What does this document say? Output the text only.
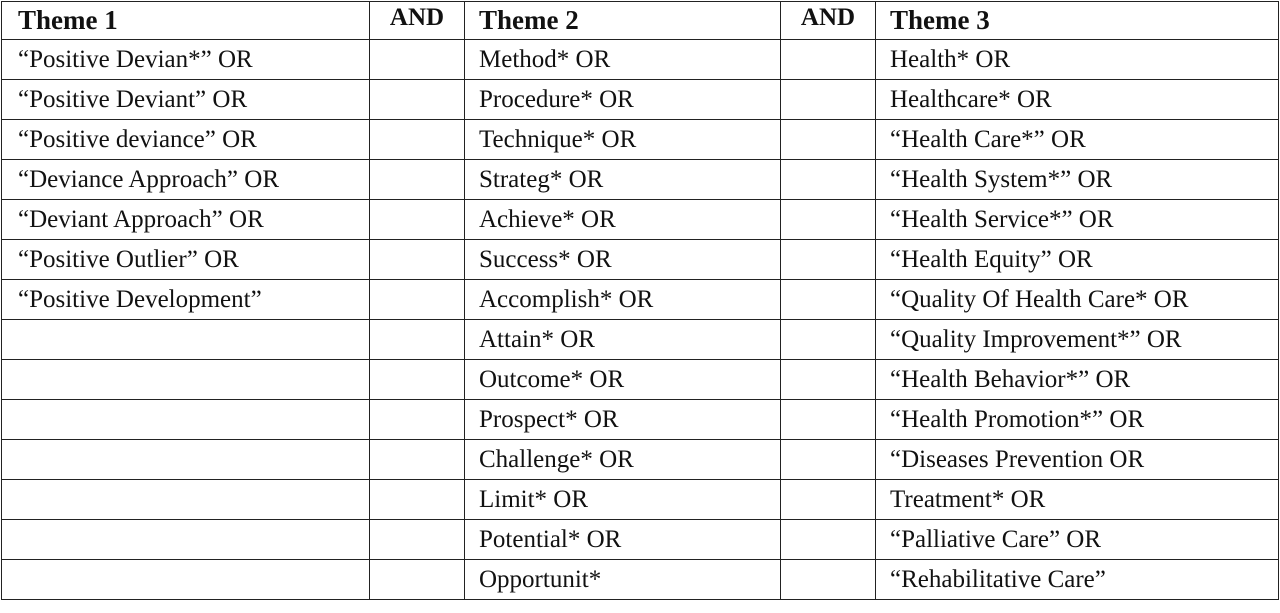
Theme 1	AND	Theme 2	AND	Theme 3
“Positive Devian*” OR		Method* OR		Health* OR
“Positive Deviant” OR		Procedure* OR		Healthcare* OR
“Positive deviance” OR		Technique* OR		“Health Care*” OR
“Deviance Approach” OR		Strateg* OR		“Health System*” OR
“Deviant Approach” OR		Achieve* OR		“Health Service*” OR
“Positive Outlier” OR		Success* OR		“Health Equity” OR
“Positive Development”		Accomplish* OR		“Quality Of Health Care* OR
		Attain* OR		“Quality Improvement*” OR
		Outcome* OR		“Health Behavior*” OR
		Prospect* OR		“Health Promotion*” OR
		Challenge* OR		“Diseases Prevention OR
		Limit* OR		Treatment* OR
		Potential* OR		“Palliative Care” OR
		Opportunit*		“Rehabilitative Care”
